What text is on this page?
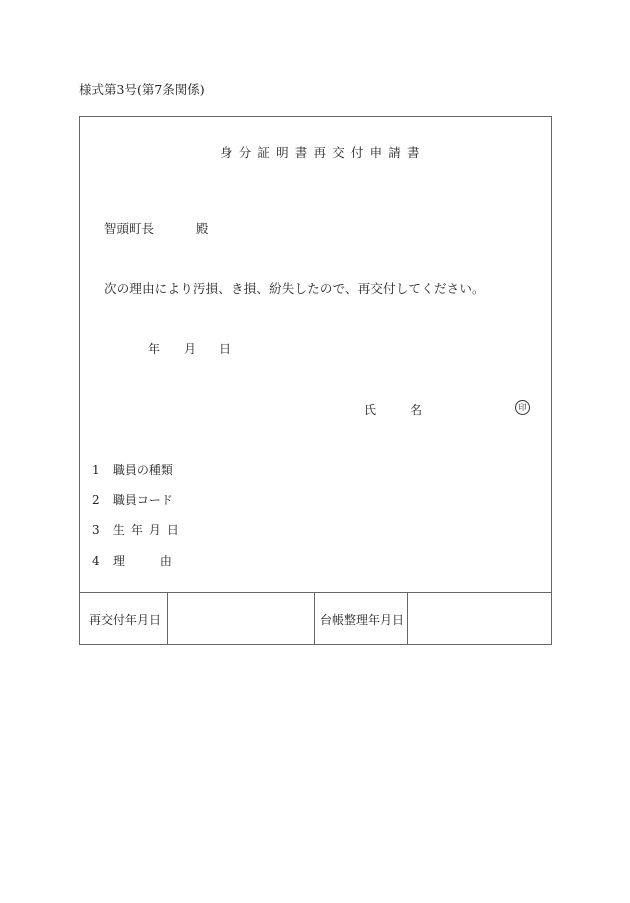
様式第3号(第7条関係)
身分証明書再交付申請書
智頭町長	殿
次の理由により汚損、き損、紛失したので、再交付してください。
年 月 日
氏	名	印
1 職員の種類
2 職員コード
3 生年月日
4 理	由
再交付年月日	台帳整理年月日
